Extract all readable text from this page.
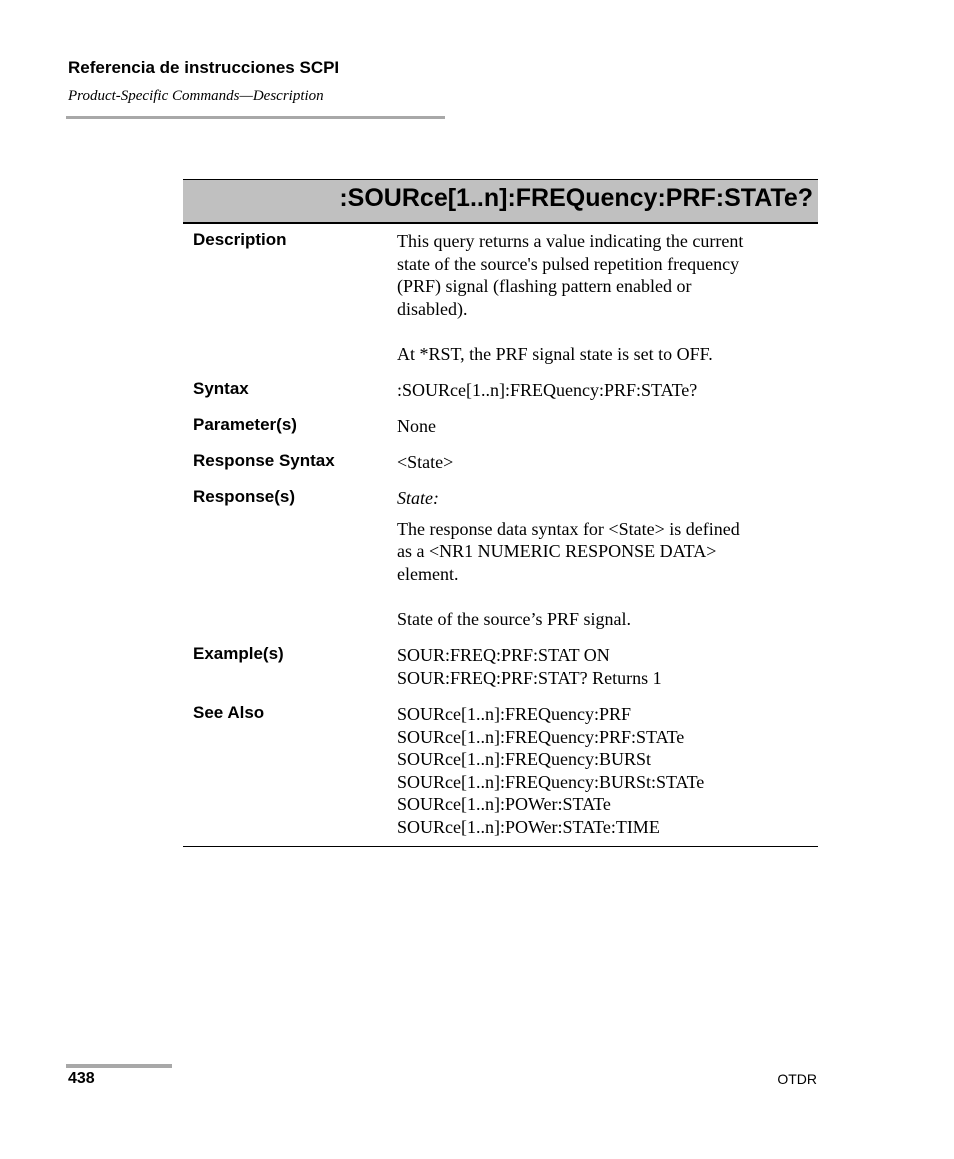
Referencia de instrucciones SCPI
Product-Specific Commands—Description
:SOURce[1..n]:FREQuency:PRF:STATe?
Description	This query returns a value indicating the current

state of the source's pulsed repetition frequency

(PRF) signal (flashing pattern enabled or

disabled).

At *RST, the PRF signal state is set to OFF.

Syntax	:SOURce[1..n]:FREQuency:PRF:STATe?
Parameter(s)	None
Response Syntax	<State>
Response(s)	State:

The response data syntax for <State> is defined

as a <NR1 NUMERIC RESPONSE DATA>

element.

State of the source’s PRF signal.

Example(s)	SOUR:FREQ:PRF:STAT ON

SOUR:FREQ:PRF:STAT? Returns 1

See Also	SOURce[1..n]:FREQuency:PRF

SOURce[1..n]:FREQuency:PRF:STATe

SOURce[1..n]:FREQuency:BURSt

SOURce[1..n]:FREQuency:BURSt:STATe

SOURce[1..n]:POWer:STATe

SOURce[1..n]:POWer:STATe:TIME

438	OTDR
